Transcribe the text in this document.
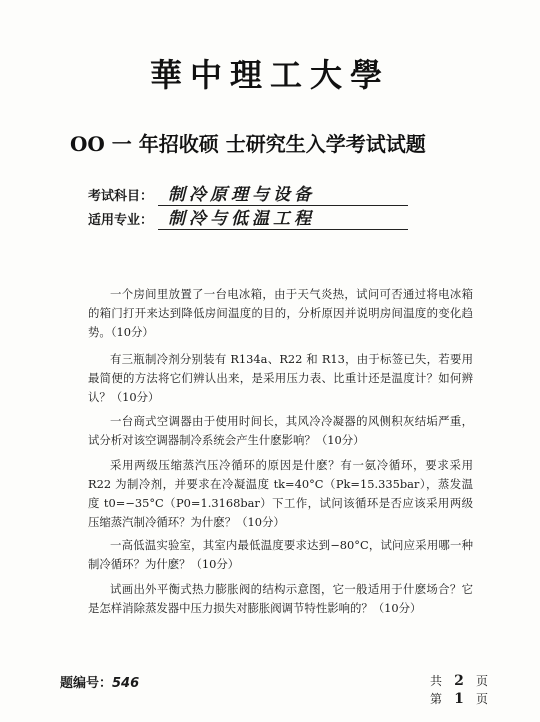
華中理工大學
OO 一 年招收硕 士研究生入学考试试题
考试科目： 制冷原理与设备
适用专业： 制冷与低温工程
一个房间里放置了一台电冰箱，由于天气炎热，试问可否通过将电冰箱的箱门打开来达到降低房间温度的目的，分析原因并说明房间温度的变化趋势。（10分）
有三瓶制冷剂分别装有 R134a、R22 和 R13，由于标签已失，若要用最简便的方法将它们辨认出来，是采用压力表、比重计还是温度计？如何辨认？（10分）
一台商式空调器由于使用时间长，其风冷冷凝器的风侧积灰结垢严重，试分析对该空调器制冷系统会产生什麽影响？（10分）
采用两级压缩蒸汽压冷循环的原因是什麽？有一氨冷循环，要求采用 R22 为制冷剂，并要求在冷凝温度 tk=40°C（Pk=15.335bar），蒸发温度 t0=−35°C（P0=1.3168bar）下工作，试问该循环是否应该采用两级压缩蒸汽制冷循环？为什麽？（10分）
一高低温实验室，其室内最低温度要求达到−80°C，试问应采用哪一种制冷循环？为什麽？（10分）
试画出外平衡式热力膨胀阀的结构示意图，它一般适用于什麽场合？它是怎样消除蒸发器中压力损失对膨胀阀调节特性影响的？（10分）
题编号：546	共 2 页
第 1 页
